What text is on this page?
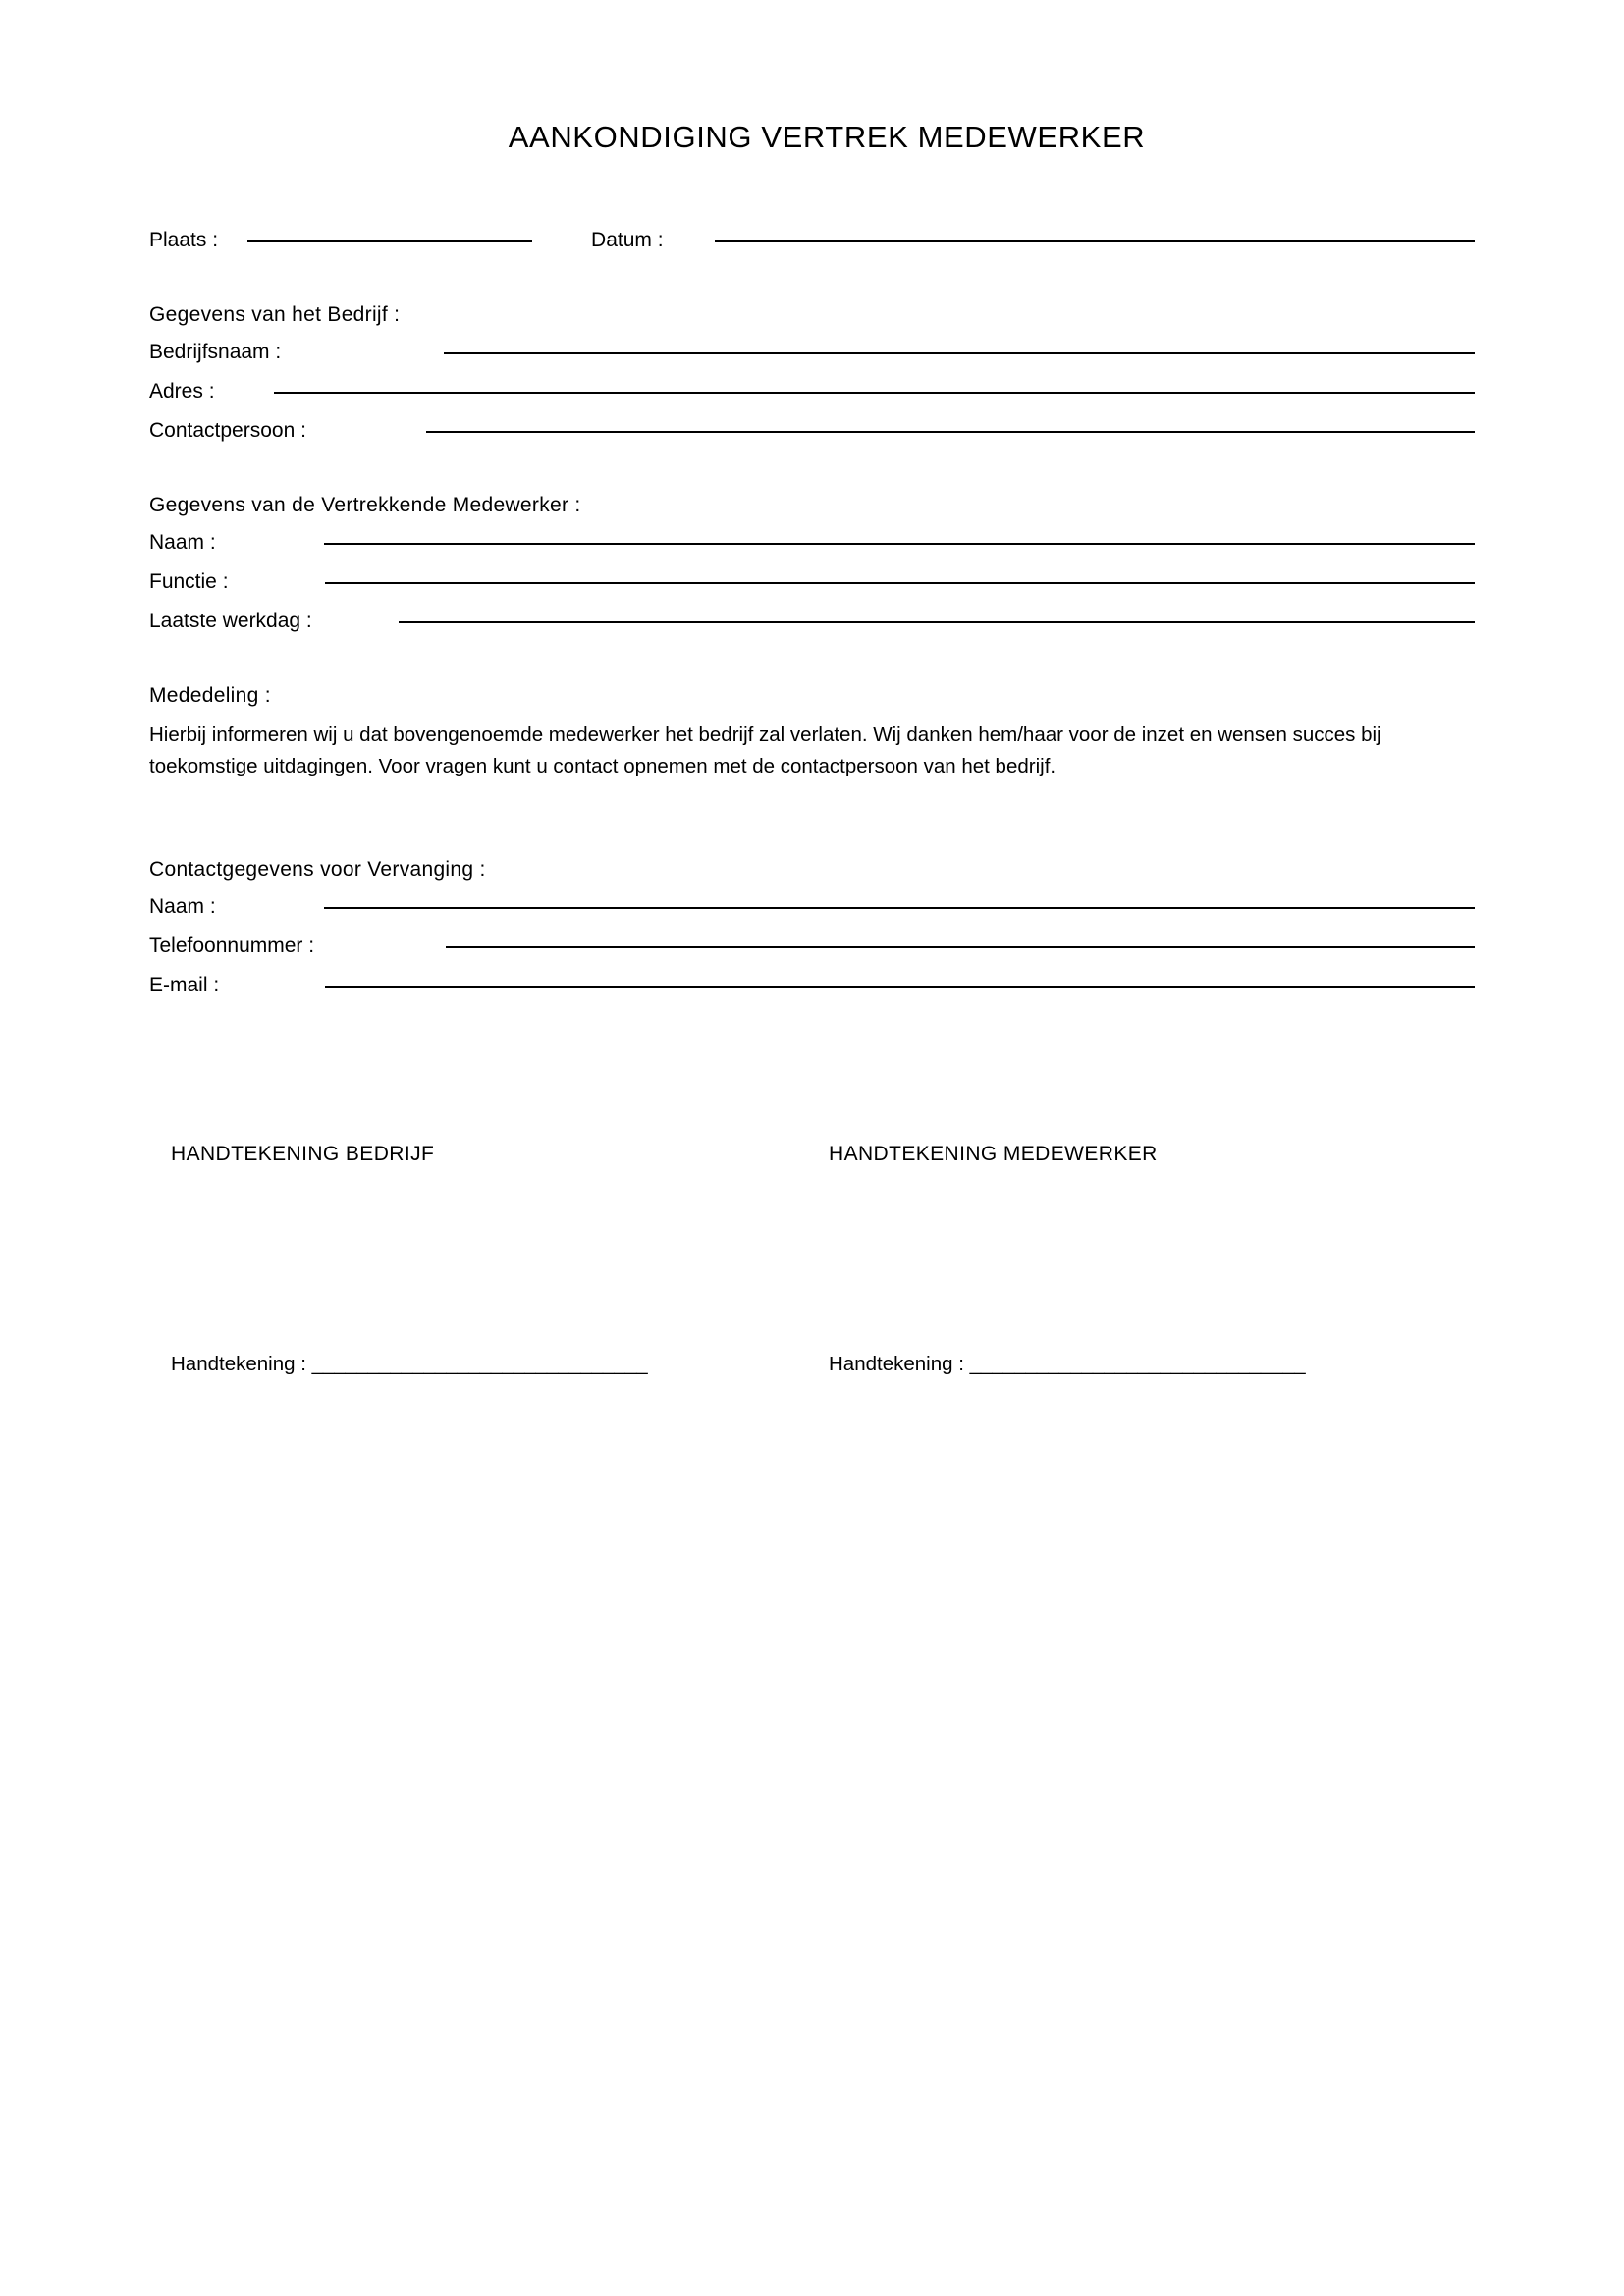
AANKONDIGING VERTREK MEDEWERKER
Plaats :	Datum :
Gegevens van het Bedrijf :
Bedrijfsnaam :
Adres :
Contactpersoon :
Gegevens van de Vertrekkende Medewerker :
Naam :
Functie :
Laatste werkdag :
Mededeling :
Hierbij informeren wij u dat bovengenoemde medewerker het bedrijf zal verlaten. Wij danken hem/haar voor de inzet en wensen succes bij toekomstige uitdagingen. Voor vragen kunt u contact opnemen met de contactpersoon van het bedrijf.
Contactgegevens voor Vervanging :
Naam :
Telefoonnummer :
E-mail :
HANDTEKENING BEDRIJF	HANDTEKENING MEDEWERKER
Handtekening : ______________________________	Handtekening : ______________________________
